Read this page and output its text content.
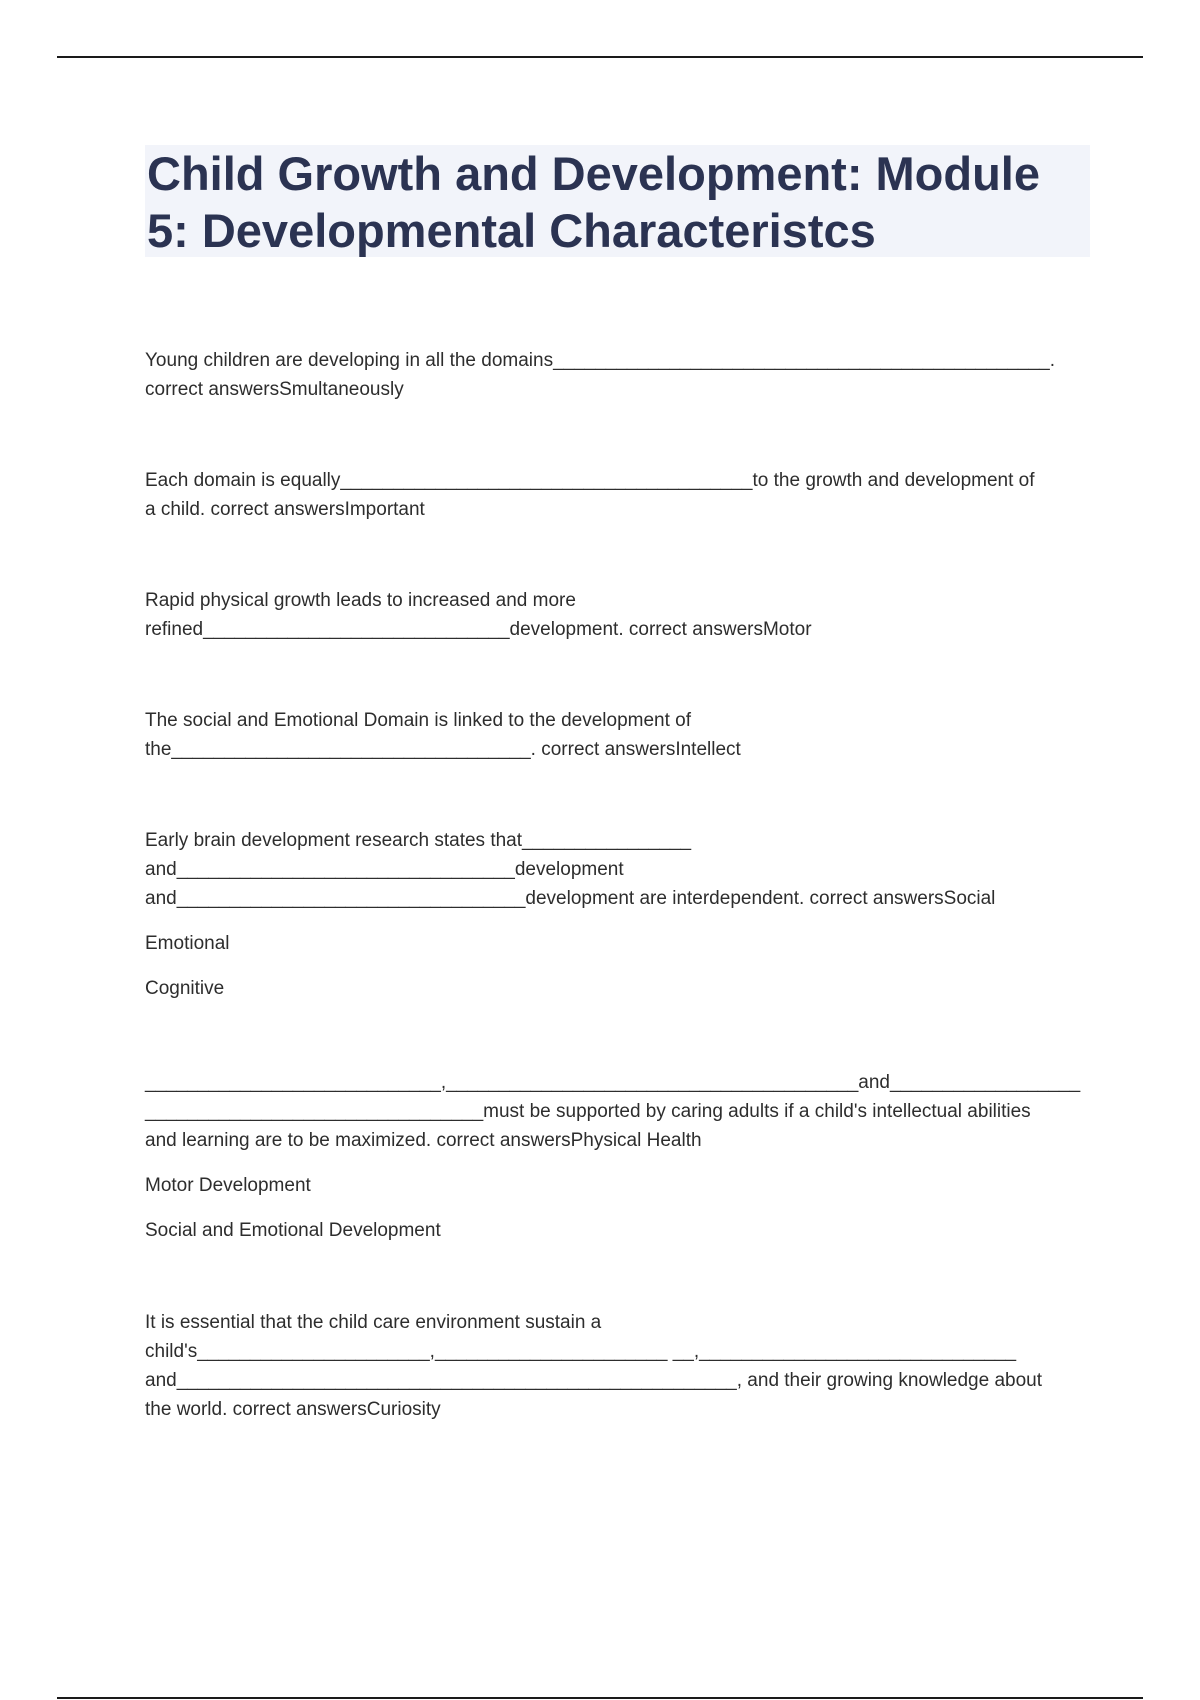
Child Growth and Development: Module
5: Developmental Characteristcs

Young children are developing in all the domains_______________________________________________.

correct answersSmultaneously

Each domain is equally_______________________________________to the growth and development of

a child. correct answersImportant

Rapid physical growth leads to increased and more

refined_____________________________development. correct answersMotor

The social and Emotional Domain is linked to the development of

the__________________________________. correct answersIntellect

Early brain development research states that________________

and________________________________development

and_________________________________development are interdependent. correct answersSocial

Emotional

Cognitive

____________________________,_______________________________________and__________________

________________________________must be supported by caring adults if a child's intellectual abilities

and learning are to be maximized. correct answersPhysical Health

Motor Development

Social and Emotional Development

It is essential that the child care environment sustain a

child's______________________,______________________ __,______________________________

and_____________________________________________________, and their growing knowledge about

the world. correct answersCuriosity
